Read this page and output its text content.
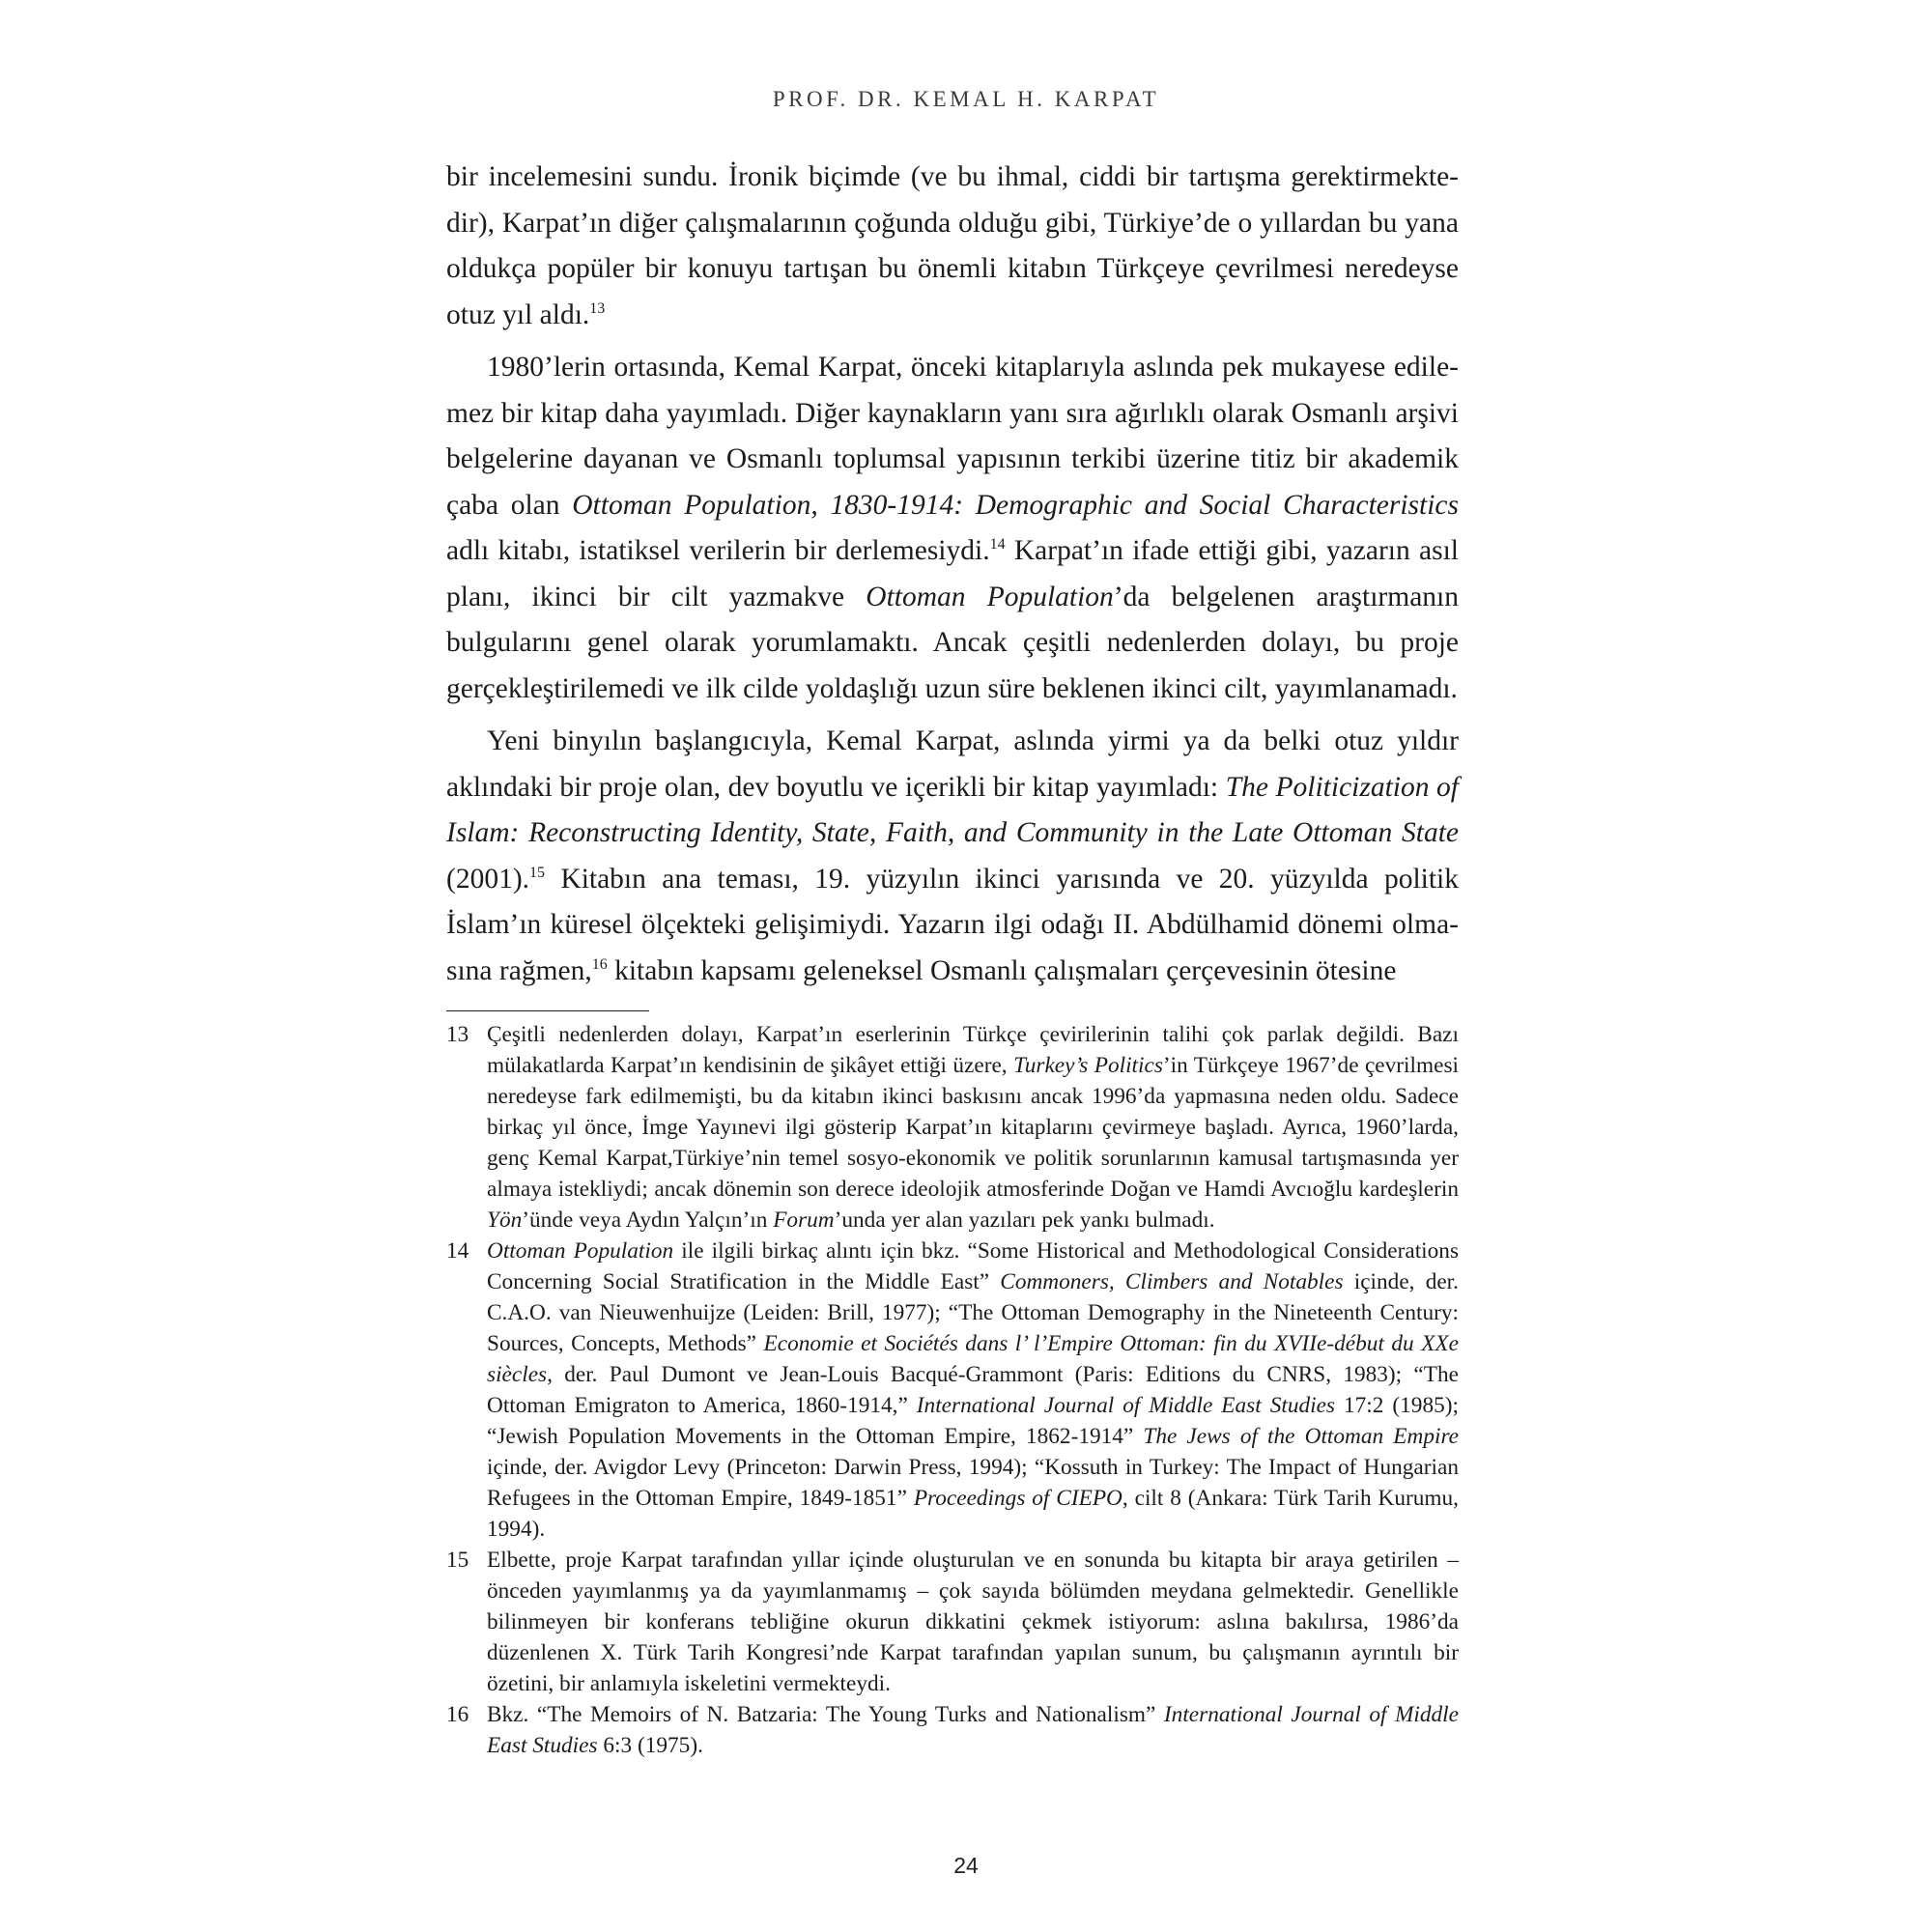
PROF. DR. KEMAL H. KARPAT

bir incelemesini sundu. İronik biçimde (ve bu ihmal, ciddi bir tartışma gerektirmektedir), Karpat’ın diğer çalışmalarının çoğunda olduğu gibi, Türkiye’de o yıllardan bu yana oldukça popüler bir konuyu tartışan bu önemli kitabın Türkçeye çevrilmesi neredeyse otuz yıl aldı.$^{13}$

1980’lerin ortasında, Kemal Karpat, önceki kitaplarıyla aslında pek mukayese edilemez bir kitap daha yayımladı. Diğer kaynakların yanı sıra ağırlıklı olarak Osmanlı arşivi belgelerine dayanan ve Osmanlı toplumsal yapısının terkibi üzerine titiz bir akademik çaba olan Ottoman Population, 1830-1914: Demographic and Social Characteristics adlı kitabı, istatiksel verilerin bir derlemesiydi.$^{14}$ Karpat’ın ifade ettiği gibi, yazarın asıl planı, ikinci bir cilt yazmakve Ottoman Population’da belgelenen araştırmanın bulgularını genel olarak yorumlamaktı. Ancak çeşitli nedenlerden dolayı, bu proje gerçekleştirilemedi ve ilk cilde yoldaşlığı uzun süre beklenen ikinci cilt, yayımlanamadı.

Yeni binyılın başlangıcıyla, Kemal Karpat, aslında yirmi ya da belki otuz yıldır aklındaki bir proje olan, dev boyutlu ve içerikli bir kitap yayımladı: The Politicization of Islam: Reconstructing Identity, State, Faith, and Community in the Late Ottoman State (2001).$^{15}$ Kitabın ana teması, 19. yüzyılın ikinci yarısında ve 20. yüzyılda politik İslam’ın küresel ölçekteki gelişimiydi. Yazarın ilgi odağı II. Abdülhamid dönemi olmasına rağmen,$^{16}$ kitabın kapsamı geleneksel Osmanlı çalışmaları çerçevesinin ötesine

13 Çeşitli nedenlerden dolayı, Karpat’ın eserlerinin Türkçe çevirilerinin talihi çok parlak değildi. Bazı mülakatlarda Karpat’ın kendisinin de şikâyet ettiği üzere, Turkey’s Politics’in Türkçeye 1967’de çevrilmesi neredeyse fark edilmemişti, bu da kitabın ikinci baskısını ancak 1996’da yapmasına neden oldu. Sadece birkaç yıl önce, İmge Yayınevi ilgi gösterip Karpat’ın kitaplarını çevirmeye başladı. Ayrıca, 1960’larda, genç Kemal Karpat,Türkiye’nin temel sosyo-ekonomik ve politik sorunlarının kamusal tartışmasında yer almaya istekliydi; ancak dönemin son derece ideolojik atmosferinde Doğan ve Hamdi Avcıoğlu kardeşlerin Yön’ünde veya Aydın Yalçın’ın Forum’unda yer alan yazıları pek yankı bulmadı.

14 Ottoman Population ile ilgili birkaç alıntı için bkz. “Some Historical and Methodological Considerations Concerning Social Stratification in the Middle East” Commoners, Climbers and Notables içinde, der. C.A.O. van Nieuwenhuijze (Leiden: Brill, 1977); “The Ottoman Demography in the Nineteenth Century: Sources, Concepts, Methods” Economie et Sociétés dans l’ l’Empire Ottoman: fin du XVIIe-début du XXe siècles, der. Paul Dumont ve Jean-Louis Bacqué-Grammont (Paris: Editions du CNRS, 1983); “The Ottoman Emigraton to America, 1860-1914,” International Journal of Middle East Studies 17:2 (1985); “Jewish Population Movements in the Ottoman Empire, 1862-1914” The Jews of the Ottoman Empire içinde, der. Avigdor Levy (Princeton: Darwin Press, 1994); “Kossuth in Turkey: The Impact of Hungarian Refugees in the Ottoman Empire, 1849-1851” Proceedings of CIEPO, cilt 8 (Ankara: Türk Tarih Kurumu, 1994).

15 Elbette, proje Karpat tarafından yıllar içinde oluşturulan ve en sonunda bu kitapta bir araya getirilen – önceden yayımlanmış ya da yayımlanmamış – çok sayıda bölümden meydana gelmektedir. Genellikle bilinmeyen bir konferans tebliğine okurun dikkatini çekmek istiyorum: aslına bakılırsa, 1986’da düzenlenen X. Türk Tarih Kongresi’nde Karpat tarafından yapılan sunum, bu çalışmanın ayrıntılı bir özetini, bir anlamıyla iskeletini vermekteydi.

16 Bkz. “The Memoirs of N. Batzaria: The Young Turks and Nationalism” International Journal of Middle East Studies 6:3 (1975).

24
